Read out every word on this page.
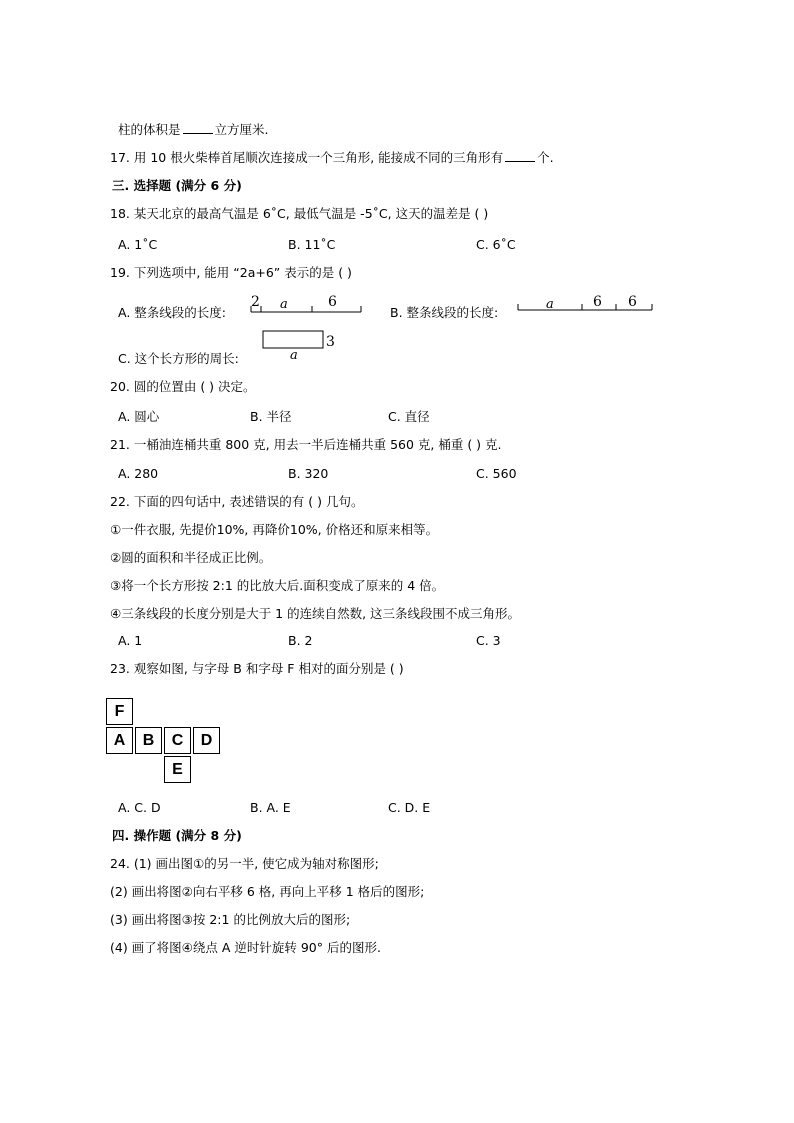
柱的体积是	立方厘米.
17. 用 10 根火柴棒首尾顺次连接成一个三角形, 能接成不同的三角形有	个.
三. 选择题 (满分 6 分)
18. 某天北京的最高气温是 6˚C, 最低气温是 -5˚C, 这天的温差是 ( )
A. 1˚C	B. 11˚C	C. 6˚C
19. 下列选项中, 能用 “2a+6” 表示的是 ( )
A. 整条线段的长度:
2 a	6
B. 整条线段的长度:
a	6 6
C. 这个长方形的周长:	a
3
20. 圆的位置由 ( ) 决定。
A. 圆心	B. 半径	C. 直径
21. 一桶油连桶共重 800 克, 用去一半后连桶共重 560 克, 桶重 ( ) 克.
A. 280	B. 320	C. 560
22. 下面的四句话中, 表述错误的有 ( ) 几句。
①一件衣服, 先提价10%, 再降价10%, 价格还和原来相等。
②圆的面积和半径成正比例。
③将一个长方形按 2:1 的比放大后.面积变成了原来的 4 倍。
④三条线段的长度分别是大于 1 的连续自然数, 这三条线段围不成三角形。
A. 1	B. 2	C. 3
23. 观察如图, 与字母 B 和字母 F 相对的面分别是 ( )
F
A	B	C	D
E
A. C. D	B. A. E	C. D. E
四. 操作题 (满分 8 分)
24. (1) 画出图①的另一半, 使它成为轴对称图形;
(2) 画出将图②向右平移 6 格, 再向上平移 1 格后的图形;
(3) 画出将图③按 2:1 的比例放大后的图形;
(4) 画了将图④绕点 A 逆时针旋转 90° 后的图形.
